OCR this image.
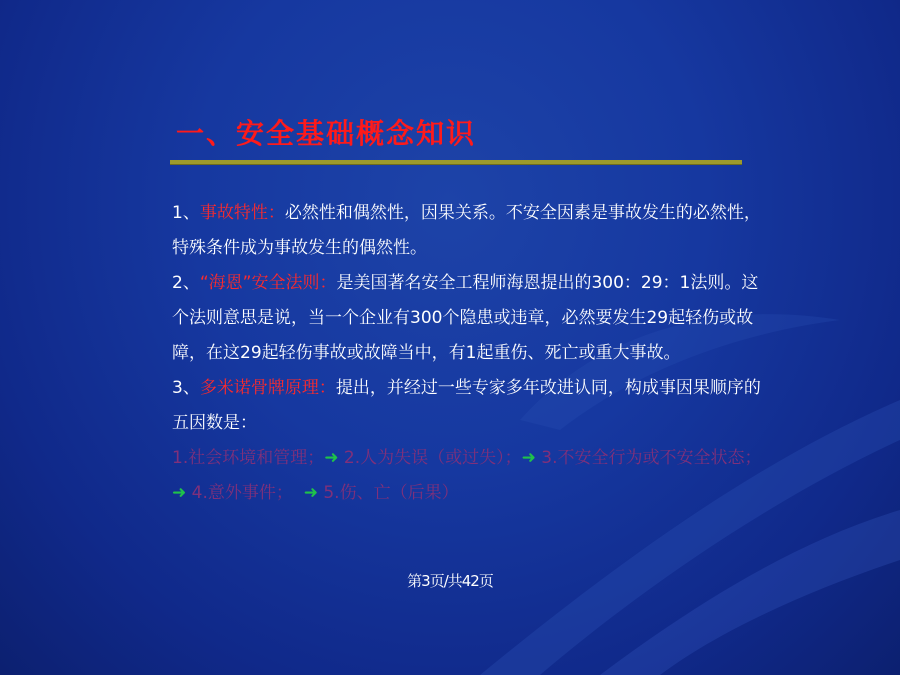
一、安全基础概念知识

1、事故特性：必然性和偶然性，因果关系。不安全因素是事故发生的必然性，特殊条件成为事故发生的偶然性。

2、“海恩”安全法则：是美国著名安全工程师海恩提出的300：29：1法则。这个法则意思是说，当一个企业有300个隐患或违章，必然要发生29起轻伤或故障，在这29起轻伤事故或故障当中，有1起重伤、死亡或重大事故。

3、多米诺骨牌原理：提出，并经过一些专家多年改进认同，构成事因果顺序的五因数是：

1.社会环境和管理；➜ 2.人为失误（或过失）；➜ 3.不安全行为或不安全状态；➜ 4.意外事件； ➜ 5.伤、亡（后果）

第3页/共42页
